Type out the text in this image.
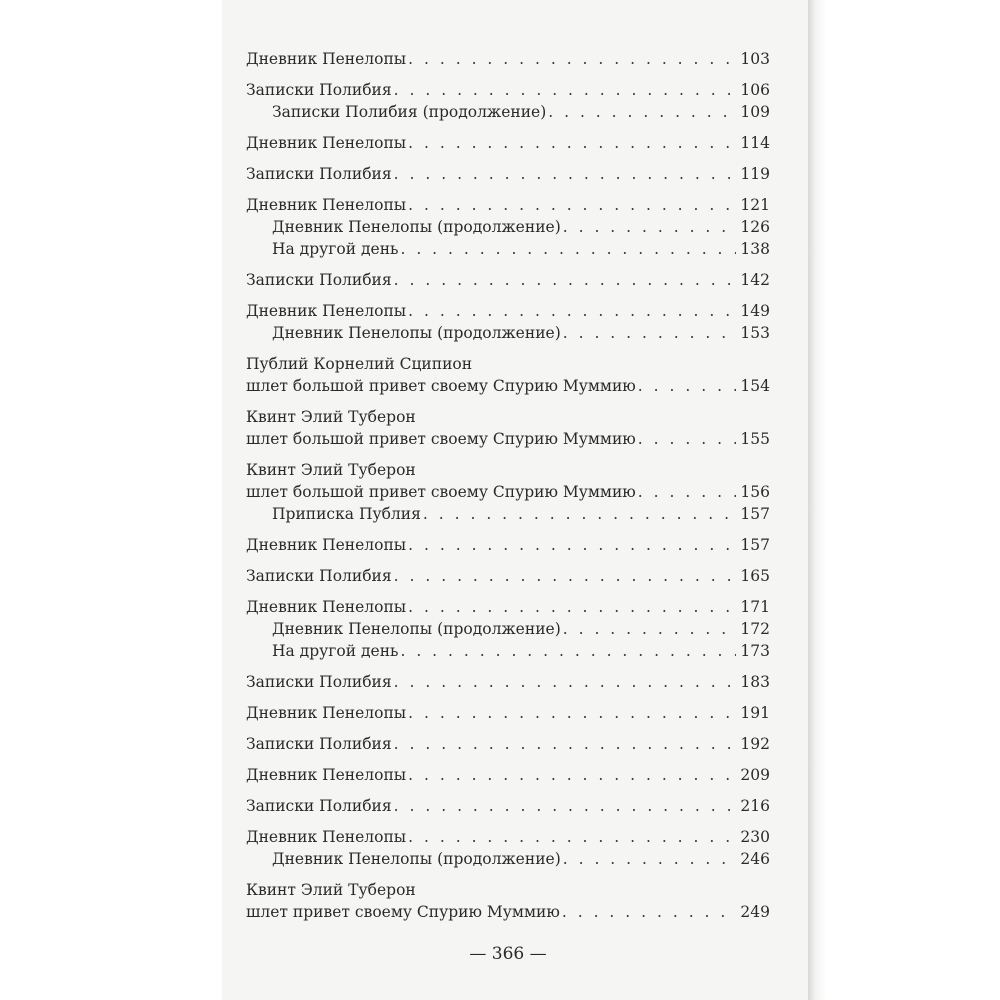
Дневник Пенелопы . . .	103
Записки Полибия . . .	106
Записки Полибия (продолжение) . . .	109
Дневник Пенелопы . . .	114
Записки Полибия . . .	119
Дневник Пенелопы . . .	121
Дневник Пенелопы (продолжение) . . .	126
На другой день . . .	138
Записки Полибия . . .	142
Дневник Пенелопы . . .	149
Дневник Пенелопы (продолжение) . . .	153
Публий Корнелий Сципион
шлет большой привет своему Спурию Муммию . . .	154
Квинт Элий Туберон
шлет большой привет своему Спурию Муммию . . .	155
Квинт Элий Туберон
шлет большой привет своему Спурию Муммию . . .	156
Приписка Публия . . .	157
Дневник Пенелопы . . .	157
Записки Полибия . . .	165
Дневник Пенелопы . . .	171
Дневник Пенелопы (продолжение) . . .	172
На другой день . . .	173
Записки Полибия . . .	183
Дневник Пенелопы . . .	191
Записки Полибия . . .	192
Дневник Пенелопы . . .	209
Записки Полибия . . .	216
Дневник Пенелопы . . .	230
Дневник Пенелопы (продолжение) . . .	246
Квинт Элий Туберон
шлет привет своему Спурию Муммию . . .	249
— 366 —
